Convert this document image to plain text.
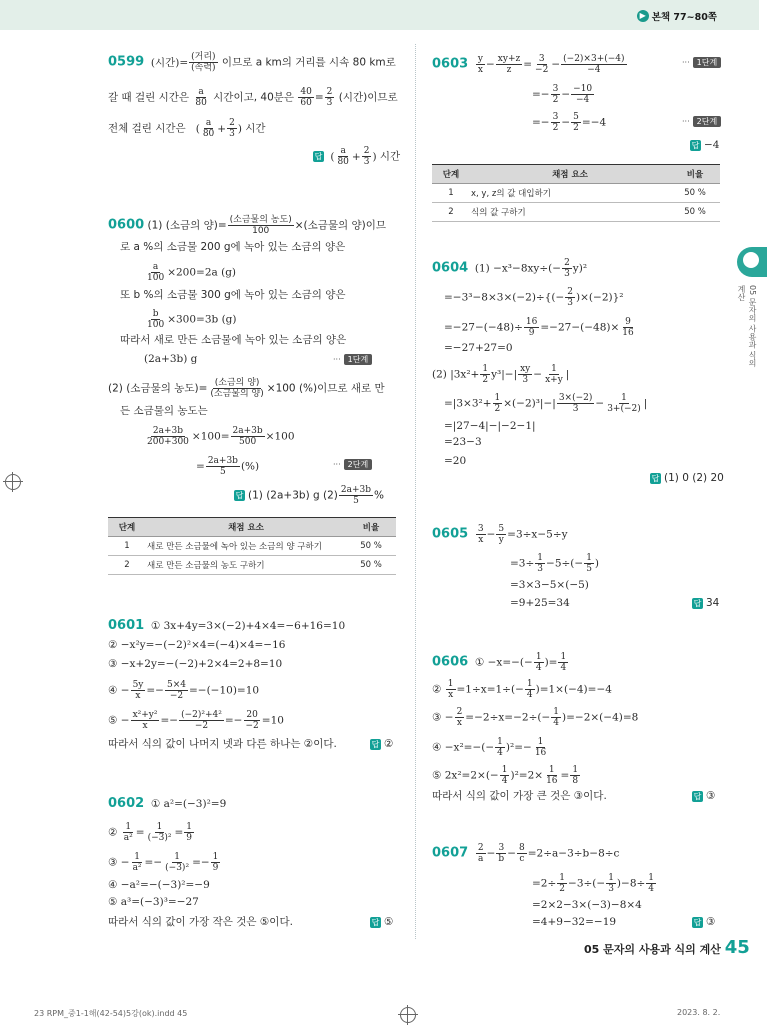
▶ 본책 77~80쪽
05 문자의 사용과 식의 계산
0599  (시간)= $\frac{\text{(거리)}}{\text{(속력)}}$ 이므로 a km의 거리를 시속 80 km로
갈 때 걸린 시간은 $\frac{a}{80}$ 시간이고, 40분은 $\frac{40}{60} = \frac{2}{3}$ (시간)이므로
전체 걸린 시간은   ( $\frac{a}{80} + \frac{2}{3}$ ) 시간
답 ( $\frac{a}{80} + \frac{2}{3}$ ) 시간
0600 (1) (소금의 양)= $\frac{\text{(소금물의 농도)}}{100}$ ×(소금물의 양)이므
로 a %의 소금물 200 g에 녹아 있는 소금의 양은
$\frac{a}{100} \times 200=2a$ (g)
또 b %의 소금물 300 g에 녹아 있는 소금의 양은
$\frac{b}{100} \times 300=3b$ (g)
따라서 새로 만든 소금물에 녹아 있는 소금의 양은
(2a+3b) g	··· 1단계
(2) (소금물의 농도)= $\frac{\text{(소금의 양)}}{\text{(소금물의 양)}} \times 100$ (%)이므로 새로 만
든 소금물의 농도는
$\frac{2a+3b}{200+300} \times 100= \frac{2a+3b}{500} \times 100$
= $\frac{2a+3b}{5}$ (%)	··· 2단계
답 (1) (2a+3b) g $(2) \frac{2a+3b}{5}$ %
단계	채점 요소	비율
1	새로 만든 소금물에 녹아 있는 소금의 양 구하기	50 %
2	새로 만든 소금물의 농도 구하기	50 %
0601 ① 3x+4y=3×(−2)+4×4=−6+16=10
② −x²y=−(−2)²×4=(−4)×4=−16
③ −x+2y=−(−2)+2×4=2+8=10
④ − $\frac{5y}{x} =- \frac{5\times 4}{-2} =-(-10)=10$
⑤ − $\frac{\text{x²+y²}}{x} =- \frac{\text{(−2)²+4²}}{-2} =- \frac{20}{-2} =10$
따라서 식의 값이 나머지 넷과 다른 하나는 ②이다.	답 ②
0602 ① a²=(−3)²=9
② $\frac{1}{\text{a²}} = \frac{1}{\text{(−3)²}} = \frac{1}{9}$
③ − $\frac{1}{\text{a²}} =- \frac{1}{\text{(−3)²}} =- \frac{1}{9}$
④ −a²=−(−3)²=−9
⑤ a³=(−3)³=−27
따라서 식의 값이 가장 작은 것은 ⑤이다.	답 ⑤
$0603 \frac{y}{x} - \frac{xy+z}{z} = \frac{3}{-2} - \frac{(-2)\times 3+(-4)}{-4}$	··· 1단계
=− $\frac{3}{2} - \frac{-10}{-4}$
=− $\frac{3}{2} - \frac{5}{2} =-4$	··· 2단계
답 −4
단계	채점 요소	비율
1	x, y, z의 값 대입하기	50 %
2	식의 값 구하기	50 %
0604 $(1) -x^3-8xy\div(- \frac{2}{3} y)^2$
$=-3^3-8\times 3\times(-2)\div\{(- \frac{2}{3} )\times(-2)\}^2$
$=-27-(-48)\div \frac{16}{9} =-27-(-48)\times \frac{9}{16}$
=−27+27=0
(2) $|3x^2+ \frac{1}{2} y^3|-| \frac{xy}{3} - \frac{1}{x+y}$ |
$=|3\times 3^2+ \frac{1}{2} \times(-2)^3|-| \frac{3\times(-2)}{3} - \frac{1}{3+(-2)}$ |
=|27−4|−|−2−1|
=23−3
=20
답 (1) 0 (2) 20
$0605 \frac{3}{x} - \frac{5}{y} =3\div x-5\div y$
$=3\div \frac{1}{3} -5\div(- \frac{1}{5}$ )
=3×3−5×(−5)
=9+25=34	답 34
0606  ① $-x=-(- \frac{1}{4}$ )= $\frac{1}{4}$
② $\frac{1}{x} =1\div x=1\div(- \frac{1}{4} )=1\times(-4)=-4$
③ − $\frac{2}{x} =-2\div x=-2\div(- \frac{1}{4} )=-2\times(-4)=8$
④ $-x^2=-(- \frac{1}{4} )^2=- \frac{1}{16}$
⑤ $2x^2=2\times(- \frac{1}{4} )^2=2\times \frac{1}{16} = \frac{1}{8}$
따라서 식의 값이 가장 큰 것은 ③이다.	답 ③
$0607 \frac{2}{a} - \frac{3}{b} - \frac{8}{c} =2\div a-3\div b-8\div c$
$=2\div \frac{1}{2} -3\div(- \frac{1}{3} )-8\div \frac{1}{4}$
=2×2−3×(−3)−8×4
=4+9−32=−19	답 ③
05 문자의 사용과 식의 계산 45
23 RPM_중1-1해(42-54)5강(ok).indd 45	2023. 8. 2.
